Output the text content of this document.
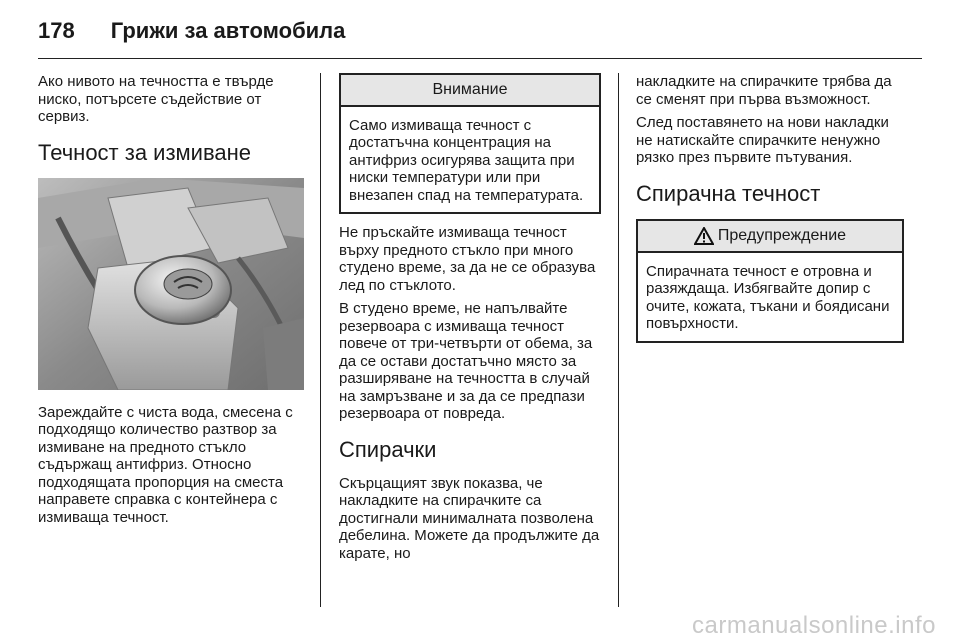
178 Грижи за автомобила

Ако нивото на течността е твърде ниско, потърсете съдействие от сервиз.

Течност за измиване

Зареждайте с чиста вода, смесена с подходящо количество разтвор за измиване на предното стъкло съдържащ антифриз. Относно подходящата пропорция на сместа направете справка с контейнера с измиваща течност.

Внимание
Само измиваща течност с достатъчна концентрация на антифриз осигурява защита при ниски температури или при внезапен спад на температурата.

Не пръскайте измиваща течност върху предното стъкло при много студено време, за да не се образува лед по стъклото.

В студено време, не напълвайте резервоара с измиваща течност повече от три-четвърти от обема, за да се остави достатъчно място за разширяване на течността в случай на замръзване и за да се предпази резервоара от повреда.

Спирачки

Скърцащият звук показва, че накладките на спирачките са достигнали минималната позволена дебелина. Можете да продължите да карате, но

накладките на спирачките трябва да се сменят при първа възможност.

След поставянето на нови накладки не натискайте спирачките ненужно рязко през първите пътувания.

Спирачна течност
Предупреждение
Спирачната течност е отровна и разяждаща. Избягвайте допир с очите, кожата, тъкани и боядисани повърхности.
carmanualsonline.info
